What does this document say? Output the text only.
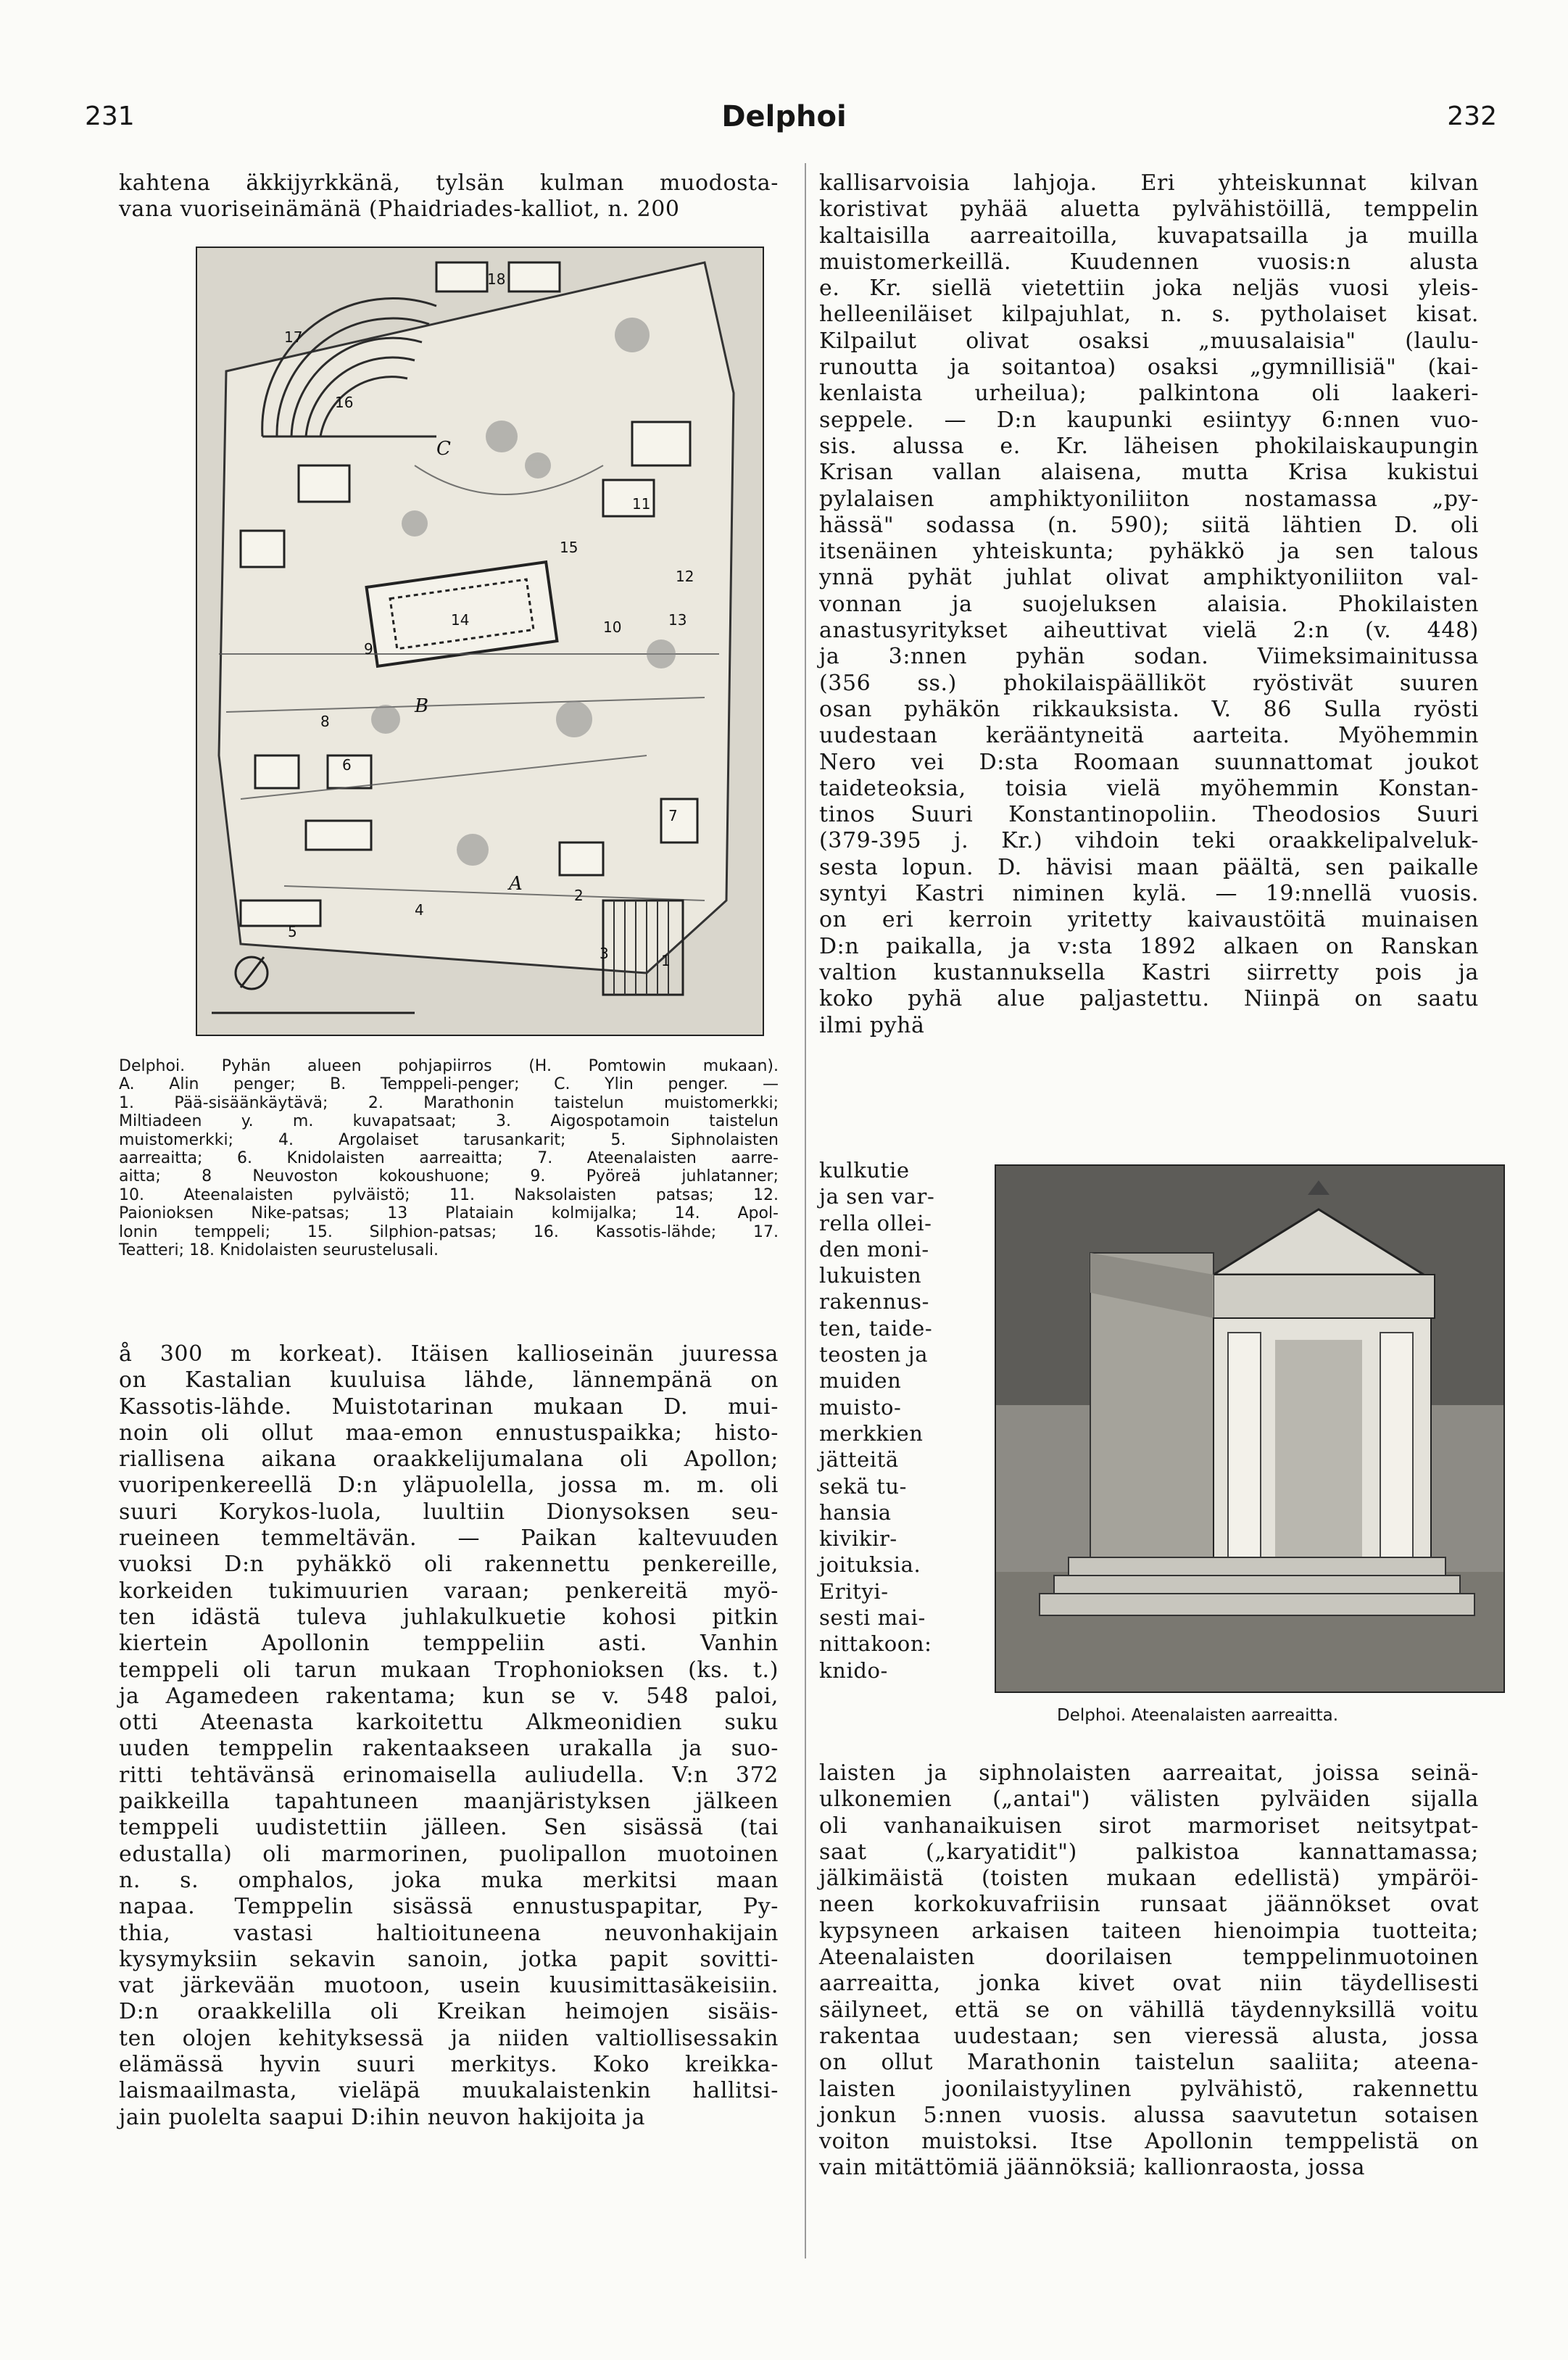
231	Delphoi	232
kahtena äkkijyrkkänä, tylsän kulman muodosta-
vana vuoriseinämänä (Phaidriades-kalliot, n. 200
B
C
A
1
2
3
4
5
6
7
8
9
10
11
12
13
14
15
16
17
18
Delphoi. Pyhän alueen pohjapiirros (H. Pomtowin mukaan).
A. Alin penger; B. Temppeli-penger; C. Ylin penger. —
1. Pää-sisäänkäytävä; 2. Marathonin taistelun muistomerkki;
Miltiadeen y. m. kuvapatsaat; 3. Aigospotamoin taistelun
muistomerkki; 4. Argolaiset tarusankarit; 5. Siphnolaisten
aarreaitta; 6. Knidolaisten aarreaitta; 7. Ateenalaisten aarre-
aitta; 8 Neuvoston kokoushuone; 9. Pyöreä juhlatanner;
10. Ateenalaisten pylväistö; 11. Naksolaisten patsas; 12.
Paionioksen Nike-patsas; 13 Plataiain kolmijalka; 14. Apol-
lonin temppeli; 15. Silphion-patsas; 16. Kassotis-lähde; 17.
Teatteri; 18. Knidolaisten seurustelusali.
å 300 m korkeat). Itäisen kallioseinän juuressa
on Kastalian kuuluisa lähde, lännempänä on
Kassotis-lähde. Muistotarinan mukaan D. mui-
noin oli ollut maa-emon ennustuspaikka; histo-
riallisena aikana oraakkelijumalana oli Apollon;
vuoripenkereellä D:n yläpuolella, jossa m. m. oli
suuri Korykos-luola, luultiin Dionysoksen seu-
rueineen temmeltävän. — Paikan kaltevuuden
vuoksi D:n pyhäkkö oli rakennettu penkereille,
korkeiden tukimuurien varaan; penkereitä myö-
ten idästä tuleva juhlakulkuetie kohosi pitkin
kiertein Apollonin temppeliin asti. Vanhin
temppeli oli tarun mukaan Trophonioksen (ks. t.)
ja Agamedeen rakentama; kun se v. 548 paloi,
otti Ateenasta karkoitettu Alkmeonidien suku
uuden temppelin rakentaakseen urakalla ja suo-
ritti tehtävänsä erinomaisella auliudella. V:n 372
paikkeilla tapahtuneen maanjäristyksen jälkeen
temppeli uudistettiin jälleen. Sen sisässä (tai
edustalla) oli marmorinen, puolipallon muotoinen
n. s. omphalos, joka muka merkitsi maan
napaa. Temppelin sisässä ennustuspapitar, Py-
thia, vastasi haltioituneena neuvonhakijain
kysymyksiin sekavin sanoin, jotka papit sovitti-
vat järkevään muotoon, usein kuusimittasäkeisiin.
D:n oraakkelilla oli Kreikan heimojen sisäis-
ten olojen kehityksessä ja niiden valtiollisessakin
elämässä hyvin suuri merkitys. Koko kreikka-
laismaailmasta, vieläpä muukalaistenkin hallitsi-
jain puolelta saapui D:ihin neuvon hakijoita ja
kallisarvoisia lahjoja. Eri yhteiskunnat kilvan
koristivat pyhää aluetta pylvähistöillä, temppelin
kaltaisilla aarreaitoilla, kuvapatsailla ja muilla
muistomerkeillä. Kuudennen vuosis:n alusta
e. Kr. siellä vietettiin joka neljäs vuosi yleis-
helleeniläiset kilpajuhlat, n. s. pytholaiset kisat.
Kilpailut olivat osaksi „muusalaisia" (laulu-
runoutta ja soitantoa) osaksi „gymnillisiä" (kai-
kenlaista urheilua); palkintona oli laakeri-
seppele. — D:n kaupunki esiintyy 6:nnen vuo-
sis. alussa e. Kr. läheisen phokilaiskaupungin
Krisan vallan alaisena, mutta Krisa kukistui
pylalaisen amphiktyoniliiton nostamassa „py-
hässä" sodassa (n. 590); siitä lähtien D. oli
itsenäinen yhteiskunta; pyhäkkö ja sen talous
ynnä pyhät juhlat olivat amphiktyoniliiton val-
vonnan ja suojeluksen alaisia. Phokilaisten
anastusyritykset aiheuttivat vielä 2:n (v. 448)
ja 3:nnen pyhän sodan. Viimeksimainitussa
(356 ss.) phokilaispäälliköt ryöstivät suuren
osan pyhäkön rikkauksista. V. 86 Sulla ryösti
uudestaan kerääntyneitä aarteita. Myöhemmin
Nero vei D:sta Roomaan suunnattomat joukot
taideteoksia, toisia vielä myöhemmin Konstan-
tinos Suuri Konstantinopoliin. Theodosios Suuri
(379-395 j. Kr.) vihdoin teki oraakkelipalveluk-
sesta lopun. D. hävisi maan päältä, sen paikalle
syntyi Kastri niminen kylä. — 19:nnellä vuosis.
on eri kerroin yritetty kaivaustöitä muinaisen
D:n paikalla, ja v:sta 1892 alkaen on Ranskan
valtion kustannuksella Kastri siirretty pois ja
koko pyhä alue paljastettu. Niinpä on saatu
ilmi pyhä
kulkutie
ja sen var-
rella ollei-
den moni-
lukuisten
rakennus-
ten, taide-
teosten ja
muiden
muisto-
merkkien
jätteitä
sekä tu-
hansia
kivikir-
joituksia.
Erityi-
sesti mai-
nittakoon:
knido-
Delphoi. Ateenalaisten aarreaitta.
laisten ja siphnolaisten aarreaitat, joissa seinä-
ulkonemien („antai") välisten pylväiden sijalla
oli vanhanaikuisen sirot marmoriset neitsytpat-
saat („karyatidit") palkistoa kannattamassa;
jälkimäistä (toisten mukaan edellistä) ympäröi-
neen korkokuvafriisin runsaat jäännökset ovat
kypsyneen arkaisen taiteen hienoimpia tuotteita;
Ateenalaisten doorilaisen temppelinmuotoinen
aarreaitta, jonka kivet ovat niin täydellisesti
säilyneet, että se on vähillä täydennyksillä voitu
rakentaa uudestaan; sen vieressä alusta, jossa
on ollut Marathonin taistelun saaliita; ateena-
laisten joonilaistyylinen pylvähistö, rakennettu
jonkun 5:nnen vuosis. alussa saavutetun sotaisen
voiton muistoksi. Itse Apollonin temppelistä on
vain mitättömiä jäännöksiä; kallionraosta, jossa
